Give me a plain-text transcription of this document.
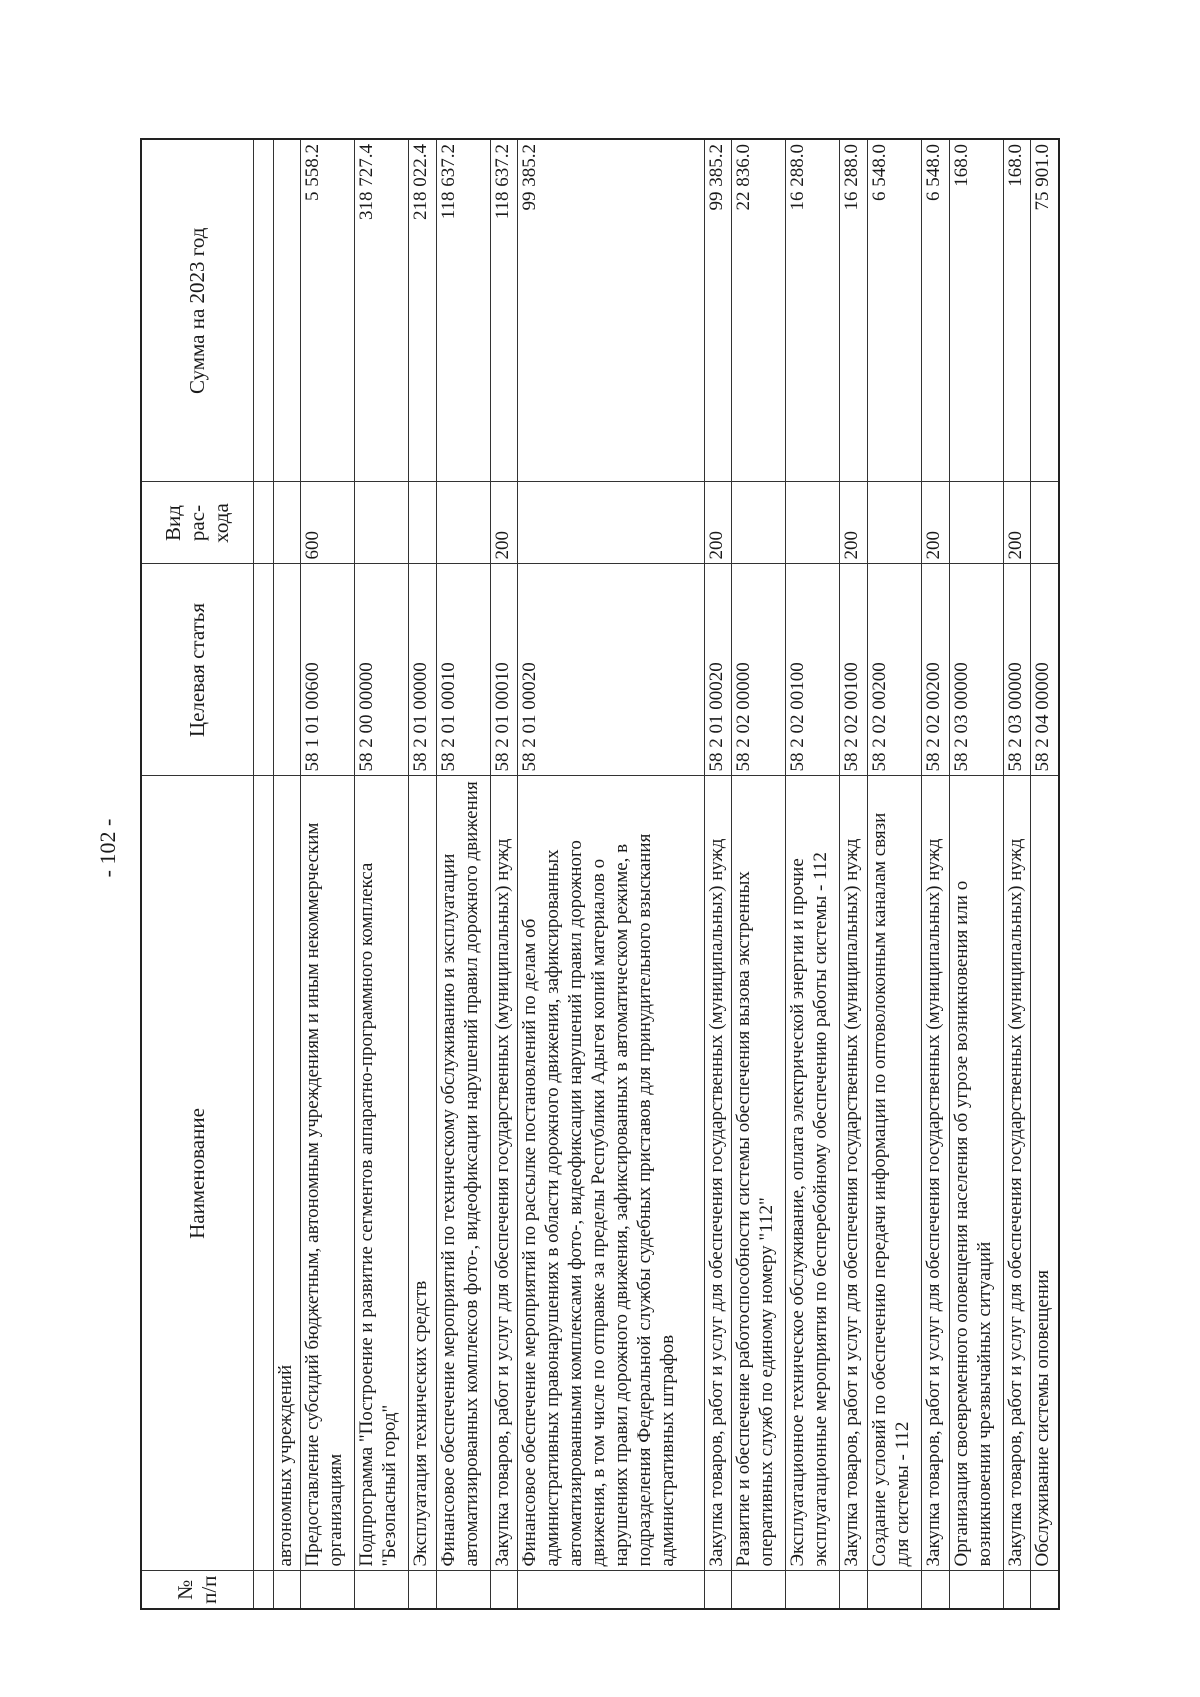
- 102 -
№ п/п	Наименование	Целевая статья	Вид рас-хода	Сумма на 2023 год

	автономных учреждений			
	Предоставление субсидий бюджетным, автономным учреждениям и иным некоммерческим организациям	58 1 01 00600	600	5 558.2
	Подпрограмма "Построение и развитие сегментов аппаратно-программного комплекса "Безопасный город"	58 2 00 00000		318 727.4
	Эксплуатация технических средств	58 2 01 00000		218 022.4
	Финансовое обеспечение мероприятий по техническому обслуживанию и эксплуатации автоматизированных комплексов фото-, видеофиксации нарушений правил дорожного движения	58 2 01 00010		118 637.2
	Закупка товаров, работ и услуг для обеспечения государственных (муниципальных) нужд	58 2 01 00010	200	118 637.2
	Финансовое обеспечение мероприятий по рассылке постановлений по делам об административных правонарушениях в области дорожного движения, зафиксированных автоматизированными комплексами фото-, видеофиксации нарушений правил дорожного движения, в том числе по отправке за пределы Республики Адыгея копий материалов о нарушениях правил дорожного движения, зафиксированных в автоматическом режиме, в подразделения Федеральной службы судебных приставов для принудительного взыскания административных штрафов	58 2 01 00020		99 385.2
	Закупка товаров, работ и услуг для обеспечения государственных (муниципальных) нужд	58 2 01 00020	200	99 385.2
	Развитие и обеспечение работоспособности системы обеспечения вызова экстренных оперативных служб по единому номеру "112"	58 2 02 00000		22 836.0
	Эксплуатационное техническое обслуживание, оплата электрической энергии и прочие эксплуатационные мероприятия по бесперебойному обеспечению работы системы - 112	58 2 02 00100		16 288.0
	Закупка товаров, работ и услуг для обеспечения государственных (муниципальных) нужд	58 2 02 00100	200	16 288.0
	Создание условий по обеспечению передачи информации по оптоволоконным каналам связи для системы - 112	58 2 02 00200		6 548.0
	Закупка товаров, работ и услуг для обеспечения государственных (муниципальных) нужд	58 2 02 00200	200	6 548.0
	Организация своевременного оповещения населения об угрозе возникновения или о возникновении чрезвычайных ситуаций	58 2 03 00000		168.0
	Закупка товаров, работ и услуг для обеспечения государственных (муниципальных) нужд	58 2 03 00000	200	168.0
	Обслуживание системы оповещения	58 2 04 00000		75 901.0
